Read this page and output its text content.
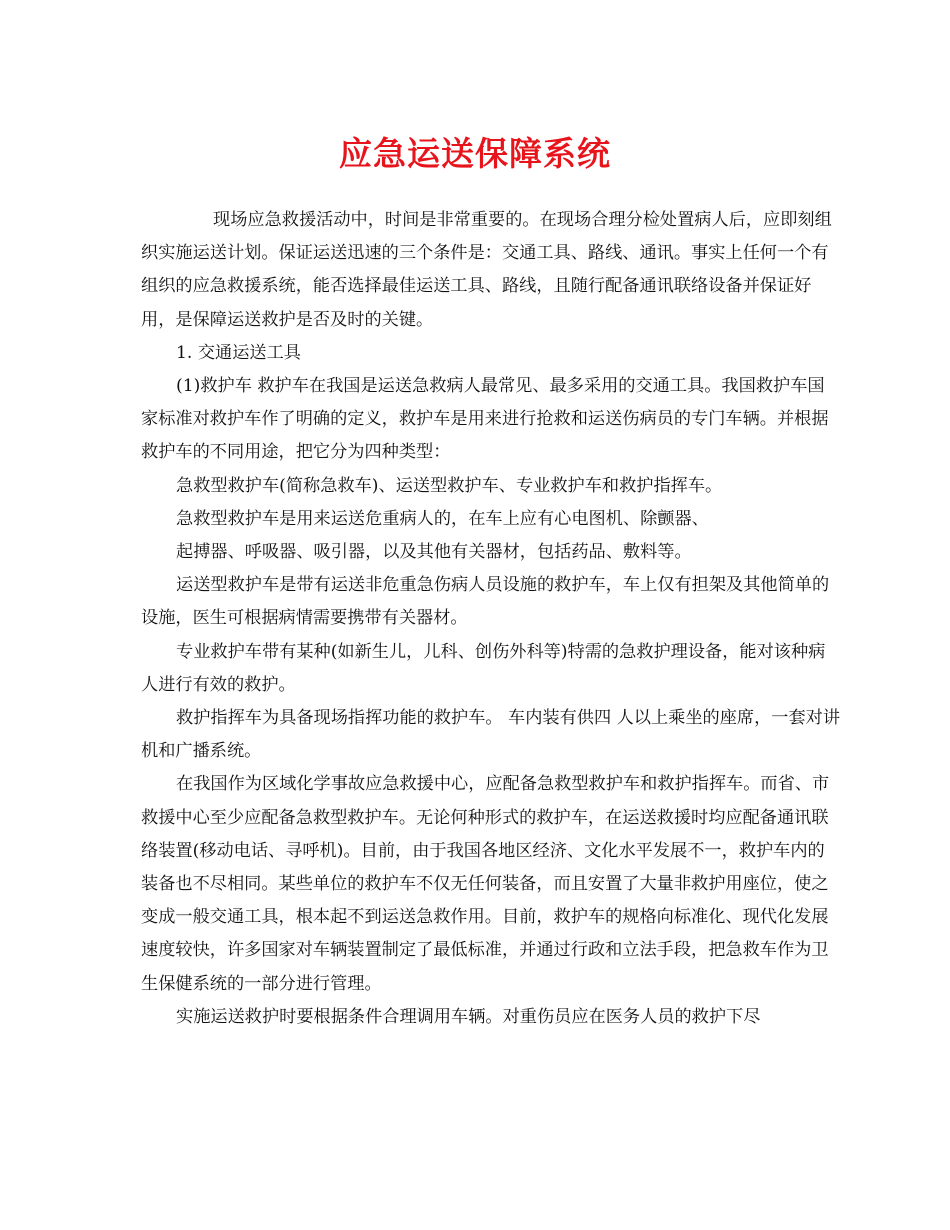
应急运送保障系统

现场应急救援活动中，时间是非常重要的。在现场合理分检处置病人后，应即刻组织实施运送计划。保证运送迅速的三个条件是：交通工具、路线、通讯。事实上任何一个有组织的应急救援系统，能否选择最佳运送工具、路线，且随行配备通讯联络设备并保证好用，是保障运送救护是否及时的关键。

1. 交通运送工具

(1)救护车 救护车在我国是运送急救病人最常见、最多采用的交通工具。我国救护车国家标准对救护车作了明确的定义，救护车是用来进行抢救和运送伤病员的专门车辆。并根据救护车的不同用途，把它分为四种类型：

急救型救护车(简称急救车)、运送型救护车、专业救护车和救护指挥车。

急救型救护车是用来运送危重病人的，在车上应有心电图机、除颤器、

起搏器、呼吸器、吸引器，以及其他有关器材，包括药品、敷料等。

运送型救护车是带有运送非危重急伤病人员设施的救护车，车上仅有担架及其他简单的设施，医生可根据病情需要携带有关器材。

专业救护车带有某种(如新生儿，儿科、创伤外科等)特需的急救护理设备，能对该种病人进行有效的救护。

救护指挥车为具备现场指挥功能的救护车。 车内装有供四 人以上乘坐的座席，一套对讲机和广播系统。

在我国作为区域化学事故应急救援中心，应配备急救型救护车和救护指挥车。而省、市救援中心至少应配备急救型救护车。无论何种形式的救护车，在运送救援时均应配备通讯联络装置(移动电话、寻呼机)。目前，由于我国各地区经济、文化水平发展不一，救护车内的装备也不尽相同。某些单位的救护车不仅无任何装备，而且安置了大量非救护用座位，使之变成一般交通工具，根本起不到运送急救作用。目前，救护车的规格向标准化、现代化发展速度较快，许多国家对车辆装置制定了最低标准，并通过行政和立法手段，把急救车作为卫生保健系统的一部分进行管理。

实施运送救护时要根据条件合理调用车辆。对重伤员应在医务人员的救护下尽
